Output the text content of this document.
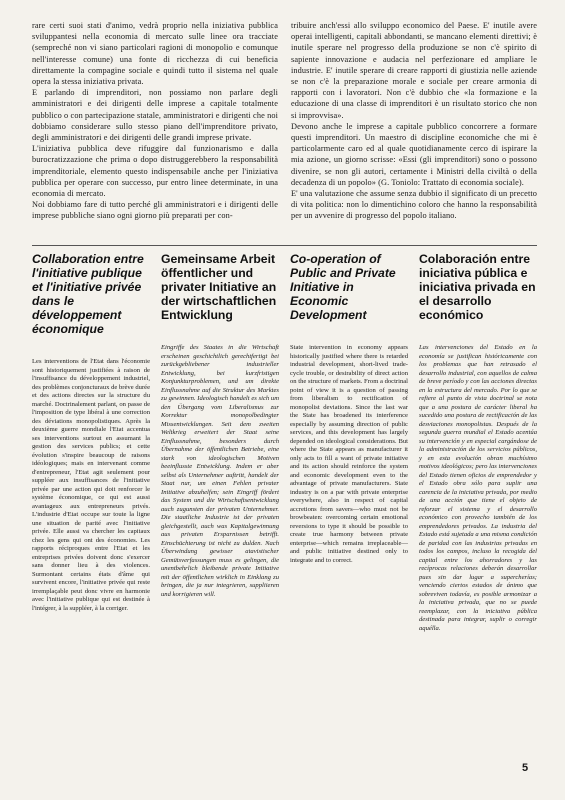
rare certi suoi stati d'animo, vedrà proprio nella iniziativa pubblica sviluppantesi nella economia di mercato sulle linee ora tracciate (sempreché non vi siano particolari ragioni di monopolio e comunque nell'interesse comune) una fonte di ricchezza di cui beneficia direttamente la compagine sociale e quindi tutto il sistema nel quale opera la stessa iniziativa privata.

E parlando di imprenditori, non possiamo non parlare degli amministratori e dei dirigenti delle imprese a capitale totalmente pubblico o con partecipazione statale, amministratori e dirigenti che noi dobbiamo considerare sullo stesso piano dell'imprenditore privato, degli amministratori e dei dirigenti delle grandi imprese private.

L'iniziativa pubblica deve rifuggire dal funzionarismo e dalla burocratizzazione che prima o dopo distruggerebbero la responsabilità imprenditoriale, elemento questo indispensabile anche per l'iniziativa pubblica per operare con successo, pur entro linee determinate, in una economia di mercato.

Noi dobbiamo fare di tutto perché gli amministratori e i dirigenti delle imprese pubbliche siano ogni giorno più preparati per con-

tribuire anch'essi allo sviluppo economico del Paese. E' inutile avere operai intelligenti, capitali abbondanti, se mancano elementi direttivi; è inutile sperare nel progresso della produzione se non c'è spirito di sapiente innovazione e audacia nel perfezionare ed ampliare le industrie. E' inutile sperare di creare rapporti di giustizia nelle aziende se non c'è la preparazione morale e sociale per creare armonia di rapporti con i lavoratori. Non c'è dubbio che «la formazione e la educazione di una classe di imprenditori è un risultato storico che non si improvvisa».

Devono anche le imprese a capitale pubblico concorrere a formare questi imprenditori. Un maestro di discipline economiche che mi è particolarmente caro ed al quale quotidianamente cerco di ispirare la mia azione, un giorno scrisse: «Essi (gli imprenditori) sono o possono divenire, se non gli autori, certamente i Ministri della civiltà o della decadenza di un popolo» (G. Toniolo: Trattato di economia sociale).

E' una valutazione che assume senza dubbio il significato di un precetto di vita politica: non lo dimentichino coloro che hanno la responsabilità per un avvenire di progresso del popolo italiano.

Collaboration entre l'initiative publique et l'initiative privée dans le développement économique

Les interventions de l'Etat dans l'économie sont historiquement justifiées à raison de l'insuffisance du développement industriel, des problèmes conjoncturaux de brève durée et des actions directes sur la structure du marché. Doctrinalement parlant, on passe de l'imposition de type libéral à une correction des déviations monopolistiques. Après la deuxième guerre mondiale l'Etat accentua ses interventions surtout en assumant la gestion des services publics; et cette évolution s'inspire beaucoup de raisons idéologiques; mais en intervenant comme d'entrepreneur, l'Etat agit seulement pour suppléer aux insuffisances de l'initiative privée par une action qui doit renforcer le système économique, ce qui est aussi avantageux aux entrepreneurs privés. L'industrie d'Etat occupe sur toute la ligne une situation de parité avec l'initiative privée. Elle aussi va chercher les capitaux chez les gens qui ont des économies. Les rapports réciproques entre l'Etat et les entreprises privées doivent donc s'exercer sans donner lieu à des violences. Surmontant certains états d'âme qui survivent encore, l'initiative privée qui reste irremplaçable peut donc vivre en harmonie avec l'initiative publique qui est destinée à l'intégrer, à la suppléer, à la corriger.

Gemeinsame Arbeit öffentlicher und privater Initiative an der wirtschaftlichen Entwicklung

Eingriffe des Staates in die Wirtschaft erscheinen geschichtlich gerechtfertigt bei zurückgebliebener industrieller Entwicklung, bei kurzfristigen Konjunkturproblemen, und um direkte Einflussnahme auf die Struktur des Marktes zu gewinnen. Ideologisch handelt es sich um den Übergang vom Liberalismus zur Korrektur monopolbedingter Missentwicklungen. Seit dem zweiten Weltkrieg erweitert der Staat seine Einflussnahme, besonders durch Übernahme der öffentlichen Betriebe, eine stark von ideologischen Motiven beeinflusste Entwicklung. Indem er aber selbst als Unternehmer auftritt, handelt der Staat nur, um einen Fehlen privater Initiative abzuhelfen; sein Eingriff fördert das System und die Wirtschaftsentwicklung auch zugunsten der privaten Unternehmer. Die staatliche Industrie ist der privaten gleichgestellt, auch was Kapitalgewinnung aus privaten Ersparnissen betrifft. Einschüchterung ist nicht zu dulden. Nach Überwindung gewisser atavistischer Gemütsverfassungen muss es gelingen, die unentbehrlich bleibende private Initiative mit der öffentlichen wirklich in Einklang zu bringen, die ja nur integrieren, suppliieren und korrigieren will.

Co-operation of Public and Private Initiative in Economic Development

State intervention in economy appears historically justified where there is retarded industrial development, short-lived trade-cycle trouble, or desirability of direct action on the structure of markets. From a doctrinal point of view it is a question of passing from liberalism to rectification of monopolist deviations. Since the last war the State has broadened its interference especially by assuming direction of public services, and this development has largely depended on ideological considerations. But where the State appears as manufacturer it only acts to fill a want of private initiative and its action should reinforce the system and economic development even to the advantage of private manufacturers. State industry is on a par with private enterprise everywhere, also in respect of capital accretions from savers—who must not be browbeaten: overcoming certain emotional reversions to type it should be possible to create true harmony between private enterprise—which remains irreplaceable—and public initiative destined only to integrate and to correct.

Colaboración entre iniciativa pública e iniciativa privada en el desarrollo económico

Las intervenciones del Estado en la economía se justifican históricamente con los problemas que han retrasado el desarrollo industrial, con aquellos de calma de breve período y con las acciones directas en la estructura del mercado. Por lo que se refiere al punto de vista doctrinal se nota que a una postura de carácter liberal ha sucedido una postura de rectificación de las desviaciones monopolistas. Después de la segunda guerra mundial el Estado acentúa su intervención y en especial cargándose de la administración de los servicios públicos, y en esta evolución obran muchísimo motivos ideológicos; pero las intervenciones del Estado tienen oficios de emprendedor y el Estado obra sólo para suplir una carencia de la iniciativa privada, por medio de una acción que tiene el objeto de reforzar el sistema y el desarrollo económico con provecho también de los emprendedores privados. La industria del Estado está sujetada a una misma condición de paridad con las industrias privadas en todos los campos, incluso la recogida del capital entre los ahorradores y las recíprocas relaciones deberán desarrollar pues sin dar lugar a supercherías; venciendo ciertos estados de ánimo que sobreviven todavía, es posible armonizar a la iniciativa privada, que no se puede reemplazar, con la iniciativa pública destinada para integrar, suplir o corregir aquélla.

5
